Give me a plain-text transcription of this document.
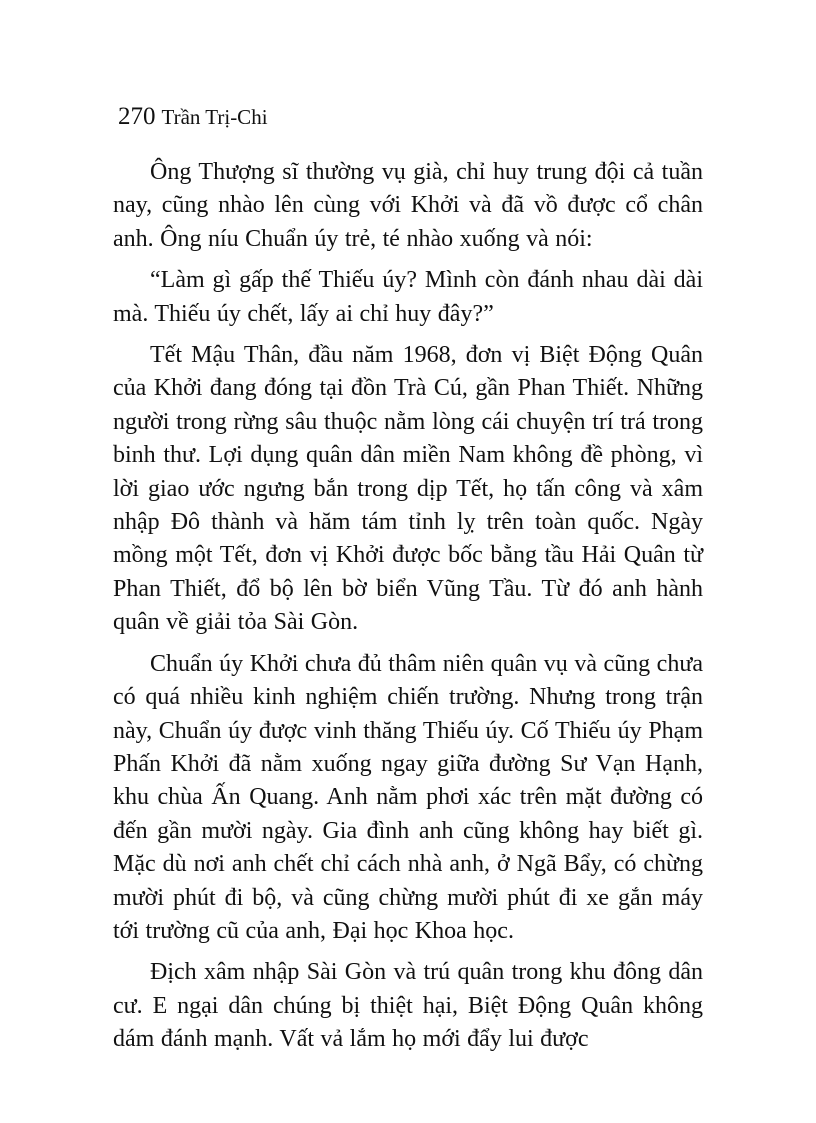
270 Trần Trị-Chi

Ông Thượng sĩ thường vụ già, chỉ huy trung đội cả tuần nay, cũng nhào lên cùng với Khởi và đã vồ được cổ chân anh. Ông níu Chuẩn úy trẻ, té nhào xuống và nói:

“Làm gì gấp thế Thiếu úy? Mình còn đánh nhau dài dài mà. Thiếu úy chết, lấy ai chỉ huy đây?”

Tết Mậu Thân, đầu năm 1968, đơn vị Biệt Động Quân của Khởi đang đóng tại đồn Trà Cú, gần Phan Thiết. Những người trong rừng sâu thuộc nằm lòng cái chuyện trí trá trong binh thư. Lợi dụng quân dân miền Nam không đề phòng, vì lời giao ước ngưng bắn trong dịp Tết, họ tấn công và xâm nhập Đô thành và hăm tám tỉnh lỵ trên toàn quốc. Ngày mồng một Tết, đơn vị Khởi được bốc bằng tầu Hải Quân từ Phan Thiết, đổ bộ lên bờ biển Vũng Tầu. Từ đó anh hành quân về giải tỏa Sài Gòn.

Chuẩn úy Khởi chưa đủ thâm niên quân vụ và cũng chưa có quá nhiều kinh nghiệm chiến trường. Nhưng trong trận này, Chuẩn úy được vinh thăng Thiếu úy. Cố Thiếu úy Phạm Phấn Khởi đã nằm xuống ngay giữa đường Sư Vạn Hạnh, khu chùa Ấn Quang. Anh nằm phơi xác trên mặt đường có đến gần mười ngày. Gia đình anh cũng không hay biết gì. Mặc dù nơi anh chết chỉ cách nhà anh, ở Ngã Bẩy, có chừng mười phút đi bộ, và cũng chừng mười phút đi xe gắn máy tới trường cũ của anh, Đại học Khoa học.

Địch xâm nhập Sài Gòn và trú quân trong khu đông dân cư. E ngại dân chúng bị thiệt hại, Biệt Động Quân không dám đánh mạnh. Vất vả lắm họ mới đẩy lui được
